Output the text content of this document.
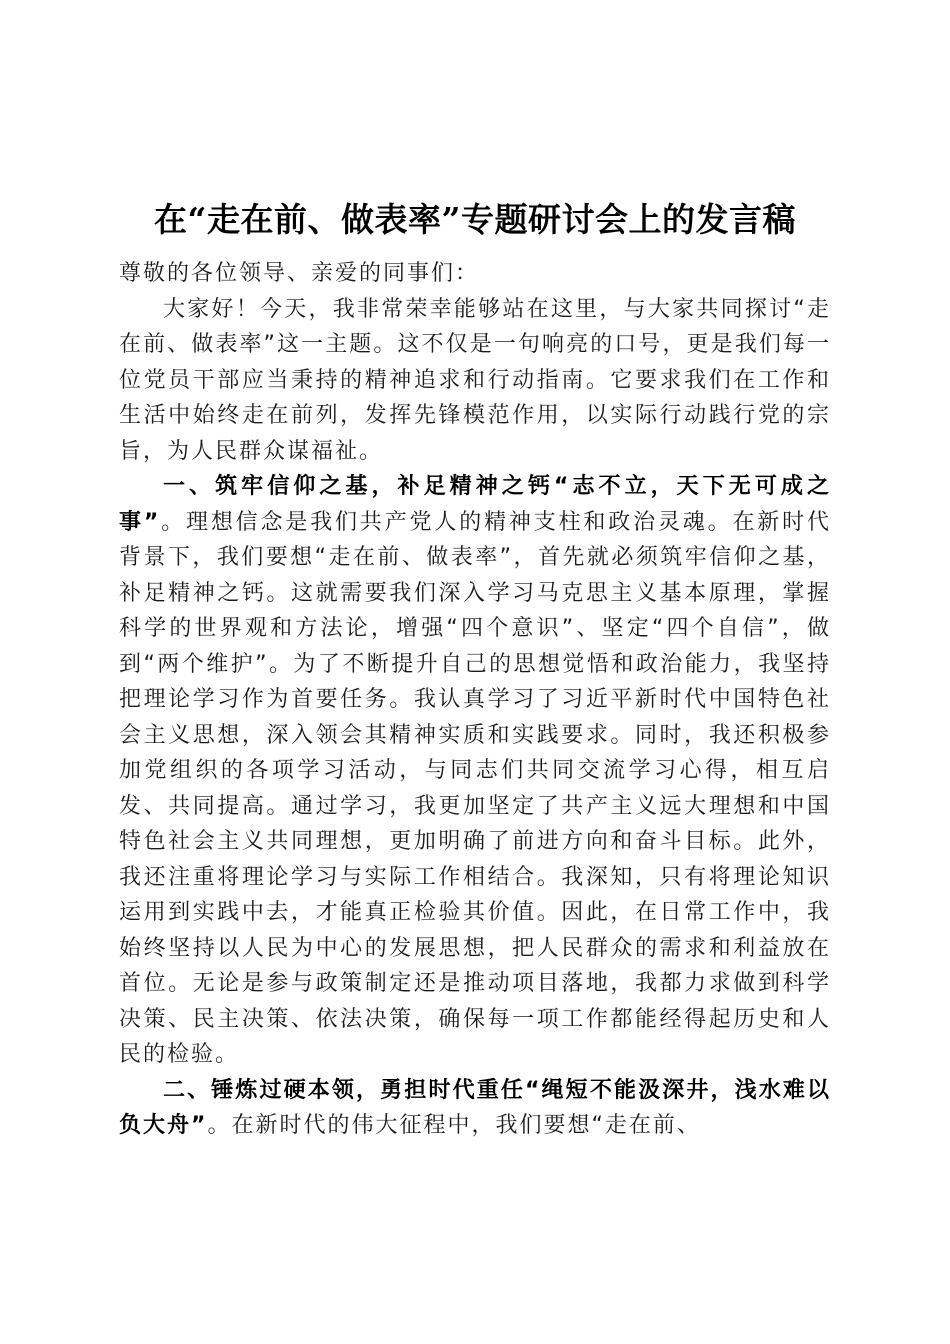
在“走在前、做表率”专题研讨会上的发言稿

尊敬的各位领导、亲爱的同事们：

大家好！今天，我非常荣幸能够站在这里，与大家共同探讨“走在前、做表率”这一主题。这不仅是一句响亮的口号，更是我们每一位党员干部应当秉持的精神追求和行动指南。它要求我们在工作和生活中始终走在前列，发挥先锋模范作用，以实际行动践行党的宗旨，为人民群众谋福祉。

一、筑牢信仰之基，补足精神之钙“志不立，天下无可成之事”。理想信念是我们共产党人的精神支柱和政治灵魂。在新时代背景下，我们要想“走在前、做表率”，首先就必须筑牢信仰之基，补足精神之钙。这就需要我们深入学习马克思主义基本原理，掌握科学的世界观和方法论，增强“四个意识”、坚定“四个自信”，做到“两个维护”。为了不断提升自己的思想觉悟和政治能力，我坚持把理论学习作为首要任务。我认真学习了习近平新时代中国特色社会主义思想，深入领会其精神实质和实践要求。同时，我还积极参加党组织的各项学习活动，与同志们共同交流学习心得，相互启发、共同提高。通过学习，我更加坚定了共产主义远大理想和中国特色社会主义共同理想，更加明确了前进方向和奋斗目标。此外，我还注重将理论学习与实际工作相结合。我深知，只有将理论知识运用到实践中去，才能真正检验其价值。因此，在日常工作中，我始终坚持以人民为中心的发展思想，把人民群众的需求和利益放在首位。无论是参与政策制定还是推动项目落地，我都力求做到科学决策、民主决策、依法决策，确保每一项工作都能经得起历史和人民的检验。

二、锤炼过硬本领，勇担时代重任“绳短不能汲深井，浅水难以负大舟”。在新时代的伟大征程中，我们要想“走在前、
